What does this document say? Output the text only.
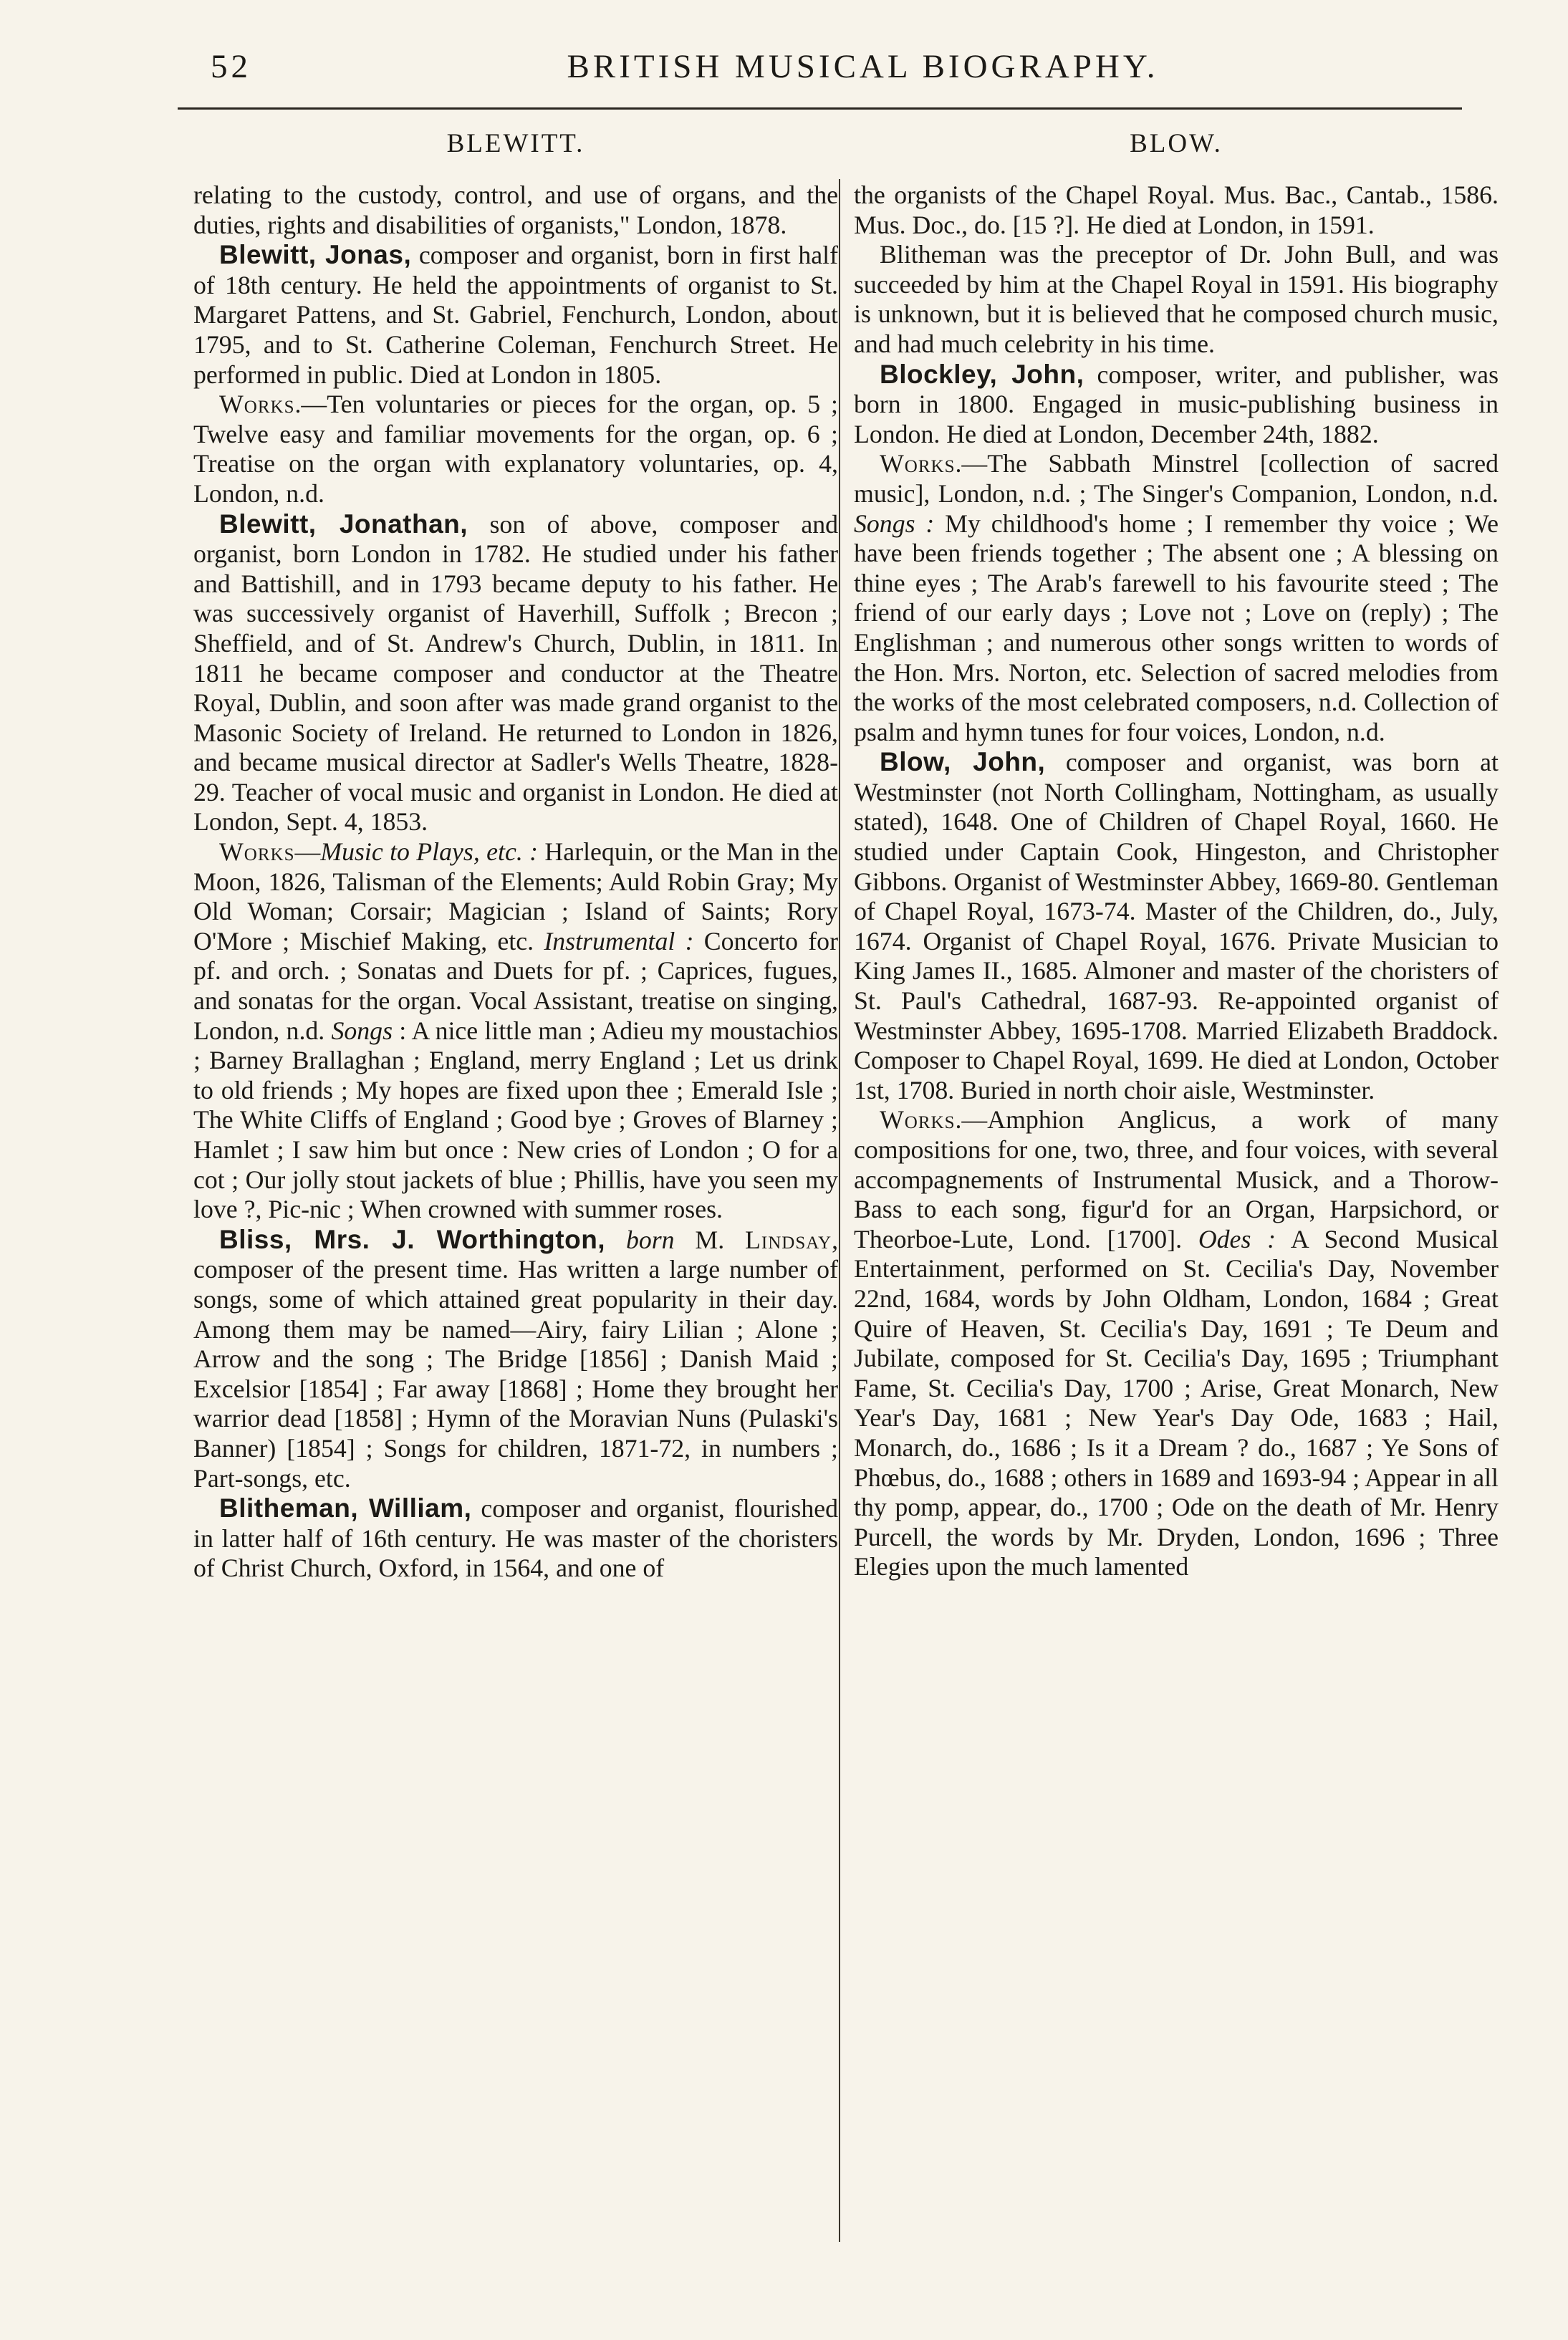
52	BRITISH MUSICAL BIOGRAPHY.
BLEWITT.

relating to the custody, control, and use of organs, and the duties, rights and disabilities of organists," London, 1878.

Blewitt, Jonas, composer and organist, born in first half of 18th century. He held the appointments of organist to St. Margaret Pattens, and St. Gabriel, Fenchurch, London, about 1795, and to St. Catherine Coleman, Fenchurch Street. He performed in public. Died at London in 1805.

Works.—Ten voluntaries or pieces for the organ, op. 5 ; Twelve easy and familiar movements for the organ, op. 6 ; Treatise on the organ with explanatory voluntaries, op. 4, London, n.d.

Blewitt, Jonathan, son of above, composer and organist, born London in 1782. He studied under his father and Battishill, and in 1793 became deputy to his father. He was successively organist of Haverhill, Suffolk ; Brecon ; Sheffield, and of St. Andrew's Church, Dublin, in 1811. In 1811 he became composer and conductor at the Theatre Royal, Dublin, and soon after was made grand organist to the Masonic Society of Ireland. He returned to London in 1826, and became musical director at Sadler's Wells Theatre, 1828-29. Teacher of vocal music and organist in London. He died at London, Sept. 4, 1853.

Works—Music to Plays, etc. : Harlequin, or the Man in the Moon, 1826, Talisman of the Elements; Auld Robin Gray; My Old Woman; Corsair; Magician ; Island of Saints; Rory O'More ; Mischief Making, etc. Instrumental : Concerto for pf. and orch. ; Sonatas and Duets for pf. ; Caprices, fugues, and sonatas for the organ. Vocal Assistant, treatise on singing, London, n.d. Songs : A nice little man ; Adieu my moustachios ; Barney Brallaghan ; England, merry England ; Let us drink to old friends ; My hopes are fixed upon thee ; Emerald Isle ; The White Cliffs of England ; Good bye ; Groves of Blarney ; Hamlet ; I saw him but once : New cries of London ; O for a cot ; Our jolly stout jackets of blue ; Phillis, have you seen my love ?, Pic-nic ; When crowned with summer roses.

Bliss, Mrs. J. Worthington, born M. Lindsay, composer of the present time. Has written a large number of songs, some of which attained great popularity in their day. Among them may be named—Airy, fairy Lilian ; Alone ; Arrow and the song ; The Bridge [1856] ; Danish Maid ; Excelsior [1854] ; Far away [1868] ; Home they brought her warrior dead [1858] ; Hymn of the Moravian Nuns (Pulaski's Banner) [1854] ; Songs for children, 1871-72, in numbers ; Part-songs, etc.

Blitheman, William, composer and organist, flourished in latter half of 16th century. He was master of the choristers of Christ Church, Oxford, in 1564, and one of

BLOW.

the organists of the Chapel Royal. Mus. Bac., Cantab., 1586. Mus. Doc., do. [15 ?]. He died at London, in 1591.

Blitheman was the preceptor of Dr. John Bull, and was succeeded by him at the Chapel Royal in 1591. His biography is unknown, but it is believed that he composed church music, and had much celebrity in his time.

Blockley, John, composer, writer, and publisher, was born in 1800. Engaged in music-publishing business in London. He died at London, December 24th, 1882.

Works.—The Sabbath Minstrel [collection of sacred music], London, n.d. ; The Singer's Companion, London, n.d. Songs : My childhood's home ; I remember thy voice ; We have been friends together ; The absent one ; A blessing on thine eyes ; The Arab's farewell to his favourite steed ; The friend of our early days ; Love not ; Love on (reply) ; The Englishman ; and numerous other songs written to words of the Hon. Mrs. Norton, etc. Selection of sacred melodies from the works of the most celebrated composers, n.d. Collection of psalm and hymn tunes for four voices, London, n.d.

Blow, John, composer and organist, was born at Westminster (not North Collingham, Nottingham, as usually stated), 1648. One of Children of Chapel Royal, 1660. He studied under Captain Cook, Hingeston, and Christopher Gibbons. Organist of Westminster Abbey, 1669-80. Gentleman of Chapel Royal, 1673-74. Master of the Children, do., July, 1674. Organist of Chapel Royal, 1676. Private Musician to King James II., 1685. Almoner and master of the choristers of St. Paul's Cathedral, 1687-93. Re-appointed organist of Westminster Abbey, 1695-1708. Married Elizabeth Braddock. Composer to Chapel Royal, 1699. He died at London, October 1st, 1708. Buried in north choir aisle, Westminster.

Works.—Amphion Anglicus, a work of many compositions for one, two, three, and four voices, with several accompagnements of Instrumental Musick, and a Thorow-Bass to each song, figur'd for an Organ, Harpsichord, or Theorboe-Lute, Lond. [1700]. Odes : A Second Musical Entertainment, performed on St. Cecilia's Day, November 22nd, 1684, words by John Oldham, London, 1684 ; Great Quire of Heaven, St. Cecilia's Day, 1691 ; Te Deum and Jubilate, composed for St. Cecilia's Day, 1695 ; Triumphant Fame, St. Cecilia's Day, 1700 ; Arise, Great Monarch, New Year's Day, 1681 ; New Year's Day Ode, 1683 ; Hail, Monarch, do., 1686 ; Is it a Dream ? do., 1687 ; Ye Sons of Phœbus, do., 1688 ; others in 1689 and 1693-94 ; Appear in all thy pomp, appear, do., 1700 ; Ode on the death of Mr. Henry Purcell, the words by Mr. Dryden, London, 1696 ; Three Elegies upon the much lamented
